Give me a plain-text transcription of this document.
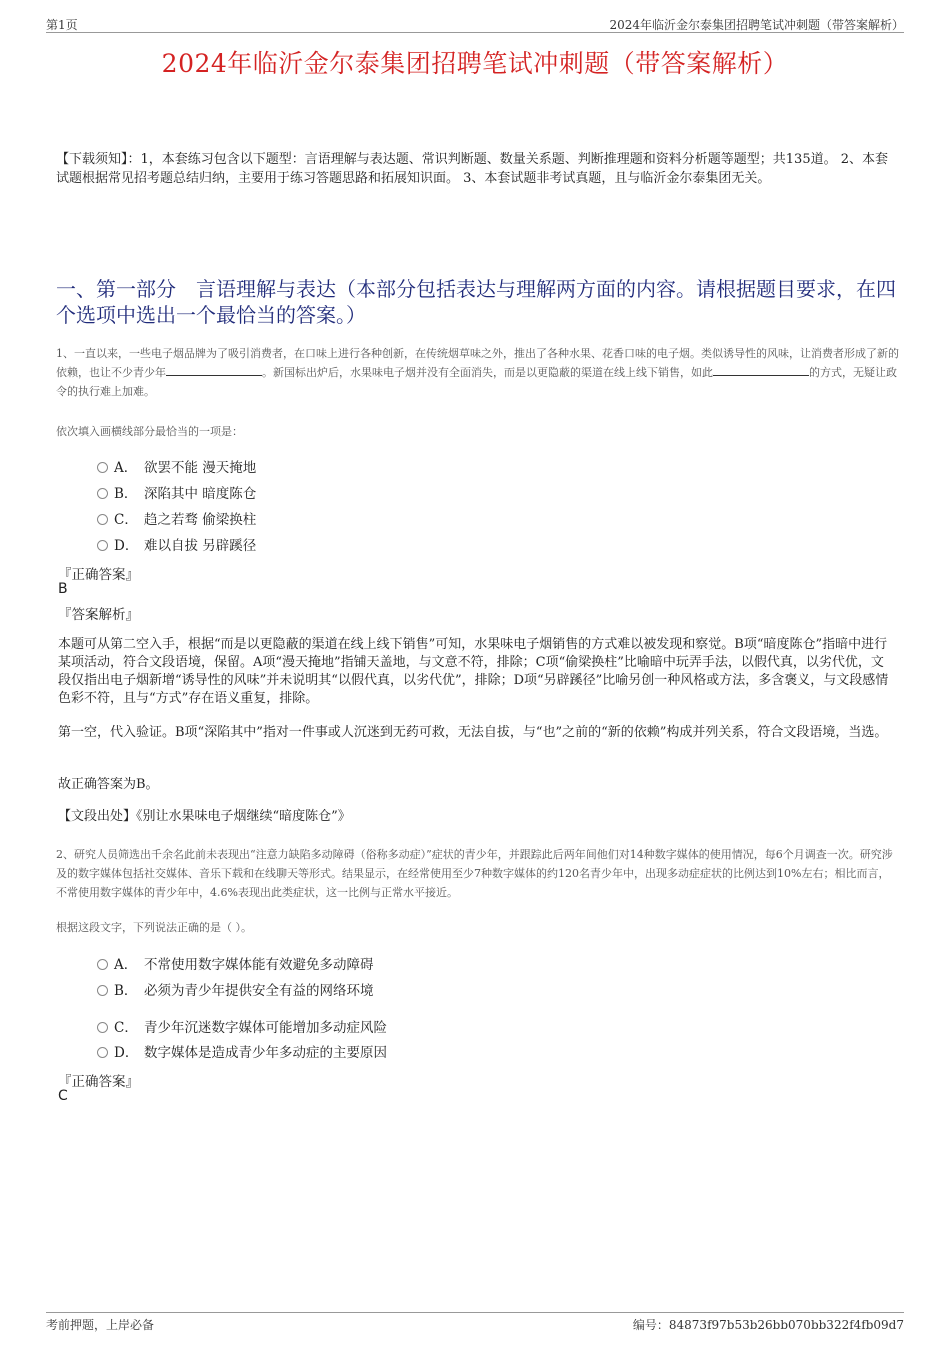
第1页	2024年临沂金尔泰集团招聘笔试冲刺题（带答案解析）
2024年临沂金尔泰集团招聘笔试冲刺题（带答案解析）
【下载须知】：1，本套练习包含以下题型：言语理解与表达题、常识判断题、数量关系题、判断推理题和资料分析题等题型；共135道。 2、本套试题根据常见招考题总结归纳，主要用于练习答题思路和拓展知识面。 3、本套试题非考试真题，且与临沂金尔泰集团无关。
一、第一部分　言语理解与表达（本部分包括表达与理解两方面的内容。请根据题目要求，在四个选项中选出一个最恰当的答案。）
1、一直以来，一些电子烟品牌为了吸引消费者，在口味上进行各种创新，在传统烟草味之外，推出了各种水果、花香口味的电子烟。类似诱导性的风味，让消费者形成了新的依赖，也让不少青少年	。新国标出炉后，水果味电子烟并没有全面消失，而是以更隐蔽的渠道在线上线下销售，如此	的方式，无疑让政令的执行难上加难。
依次填入画横线部分最恰当的一项是：
A． 欲罢不能 漫天掩地
B． 深陷其中 暗度陈仓
C． 趋之若骛 偷梁换柱
D． 难以自拔 另辟蹊径
『正确答案』
B
『答案解析』
本题可从第二空入手，根据“而是以更隐蔽的渠道在线上线下销售”可知，水果味电子烟销售的方式难以被发现和察觉。B项“暗度陈仓”指暗中进行某项活动，符合文段语境，保留。A项“漫天掩地”指铺天盖地，与文意不符，排除；C项“偷梁换柱”比喻暗中玩弄手法，以假代真，以劣代优，文段仅指出电子烟新增“诱导性的风味”并未说明其“以假代真，以劣代优”，排除；D项“另辟蹊径”比喻另创一种风格或方法，多含褒义，与文段感情色彩不符，且与“方式”存在语义重复，排除。
第一空，代入验证。B项“深陷其中”指对一件事或人沉迷到无药可救，无法自拔，与“也”之前的“新的依赖”构成并列关系，符合文段语境，当选。
故正确答案为B。
【文段出处】《别让水果味电子烟继续“暗度陈仓”》
2、研究人员筛选出千余名此前未表现出“注意力缺陷多动障碍（俗称多动症）”症状的青少年，并跟踪此后两年间他们对14种数字媒体的使用情况，每6个月调查一次。研究涉及的数字媒体包括社交媒体、音乐下载和在线聊天等形式。结果显示，在经常使用至少7种数字媒体的约120名青少年中，出现多动症症状的比例达到10%左右；相比而言，不常使用数字媒体的青少年中，4.6%表现出此类症状，这一比例与正常水平接近。
根据这段文字，下列说法正确的是（ ）。
A． 不常使用数字媒体能有效避免多动障碍
B． 必须为青少年提供安全有益的网络环境
C． 青少年沉迷数字媒体可能增加多动症风险
D． 数字媒体是造成青少年多动症的主要原因
『正确答案』
C
考前押题，上岸必备	编号：84873f97b53b26bb070bb322f4fb09d7
